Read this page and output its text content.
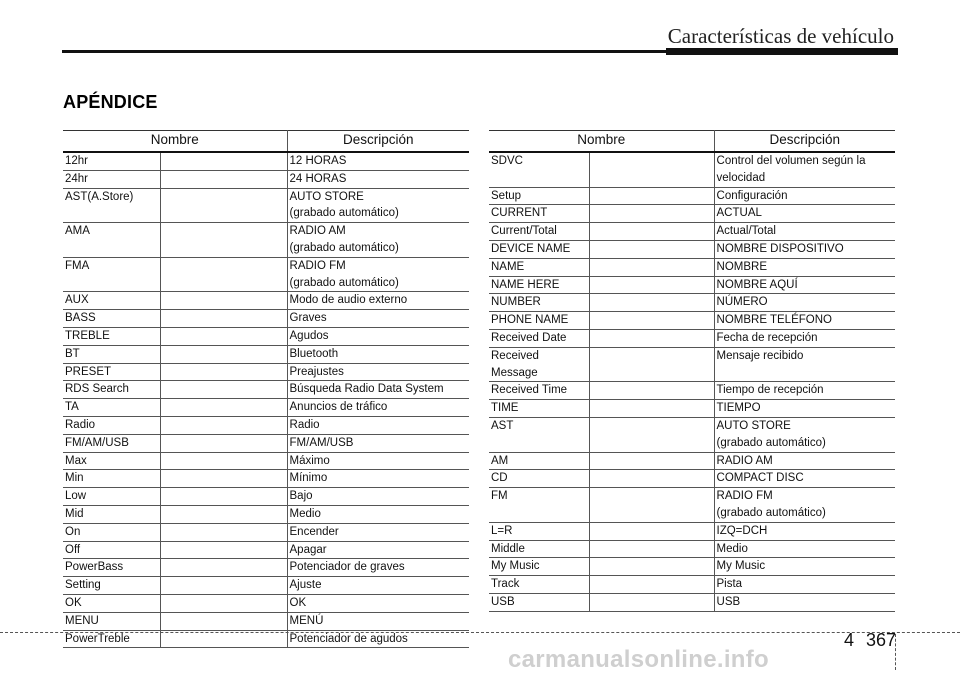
Características de vehículo
APÉNDICE
Nombre		Descripción

12hr		12 HORAS

24hr		24 HORAS

AST(A.Store)		AUTO STORE
(grabado automático)

AMA		RADIO AM
(grabado automático)

FMA		RADIO FM
(grabado automático)

AUX		Modo de audio externo

BASS		Graves

TREBLE		Agudos

BT		Bluetooth

PRESET		Preajustes

RDS Search		Búsqueda Radio Data System

TA		Anuncios de tráfico

Radio		Radio

FM/AM/USB		FM/AM/USB

Max		Máximo

Min		Mínimo

Low		Bajo

Mid		Medio

On		Encender

Off		Apagar

PowerBass		Potenciador de graves

Setting		Ajuste

OK		OK

MENU		MENÚ

PowerTreble		Potenciador de agudos
Nombre		Descripción

SDVC		Control del volumen según la
velocidad

Setup		Configuración

CURRENT		ACTUAL

Current/Total		Actual/Total

DEVICE NAME		NOMBRE DISPOSITIVO

NAME		NOMBRE

NAME HERE		NOMBRE AQUÍ

NUMBER		NÚMERO

PHONE NAME		NOMBRE TELÉFONO

Received Date		Fecha de recepción

Received
Message		Mensaje recibido

Received Time		Tiempo de recepción

TIME		TIEMPO

AST		AUTO STORE
(grabado automático)

AM		RADIO AM

CD		COMPACT DISC

FM		RADIO FM
(grabado automático)

L=R		IZQ=DCH

Middle		Medio

My Music		My Music

Track		Pista

USB		USB
4 367
carmanualsonline.info
